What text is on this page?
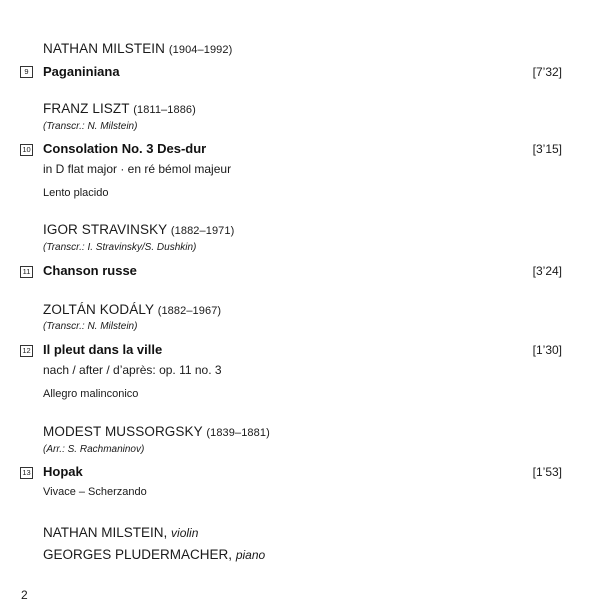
NATHAN MILSTEIN (1904–1992)
9	Paganiniana	[7’32]
FRANZ LISZT (1811–1886)
(Transcr.: N. Milstein)
10 Consolation No. 3 Des-dur	[3’15]
in D flat major · en ré bémol majeur
Lento placido
IGOR STRAVINSKY (1882–1971)
(Transcr.: I. Stravinsky/S. Dushkin)
11 Chanson russe	[3’24]
ZOLTÁN KODÁLY (1882–1967)
(Transcr.: N. Milstein)
12 Il pleut dans la ville	[1’30]
nach / after / d’après: op. 11 no. 3
Allegro malinconico
MODEST MUSSORGSKY (1839–1881)
(Arr.: S. Rachmaninov)
13 Hopak	[1’53]
Vivace – Scherzando
NATHAN MILSTEIN, violin
GEORGES PLUDERMACHER, piano
2
